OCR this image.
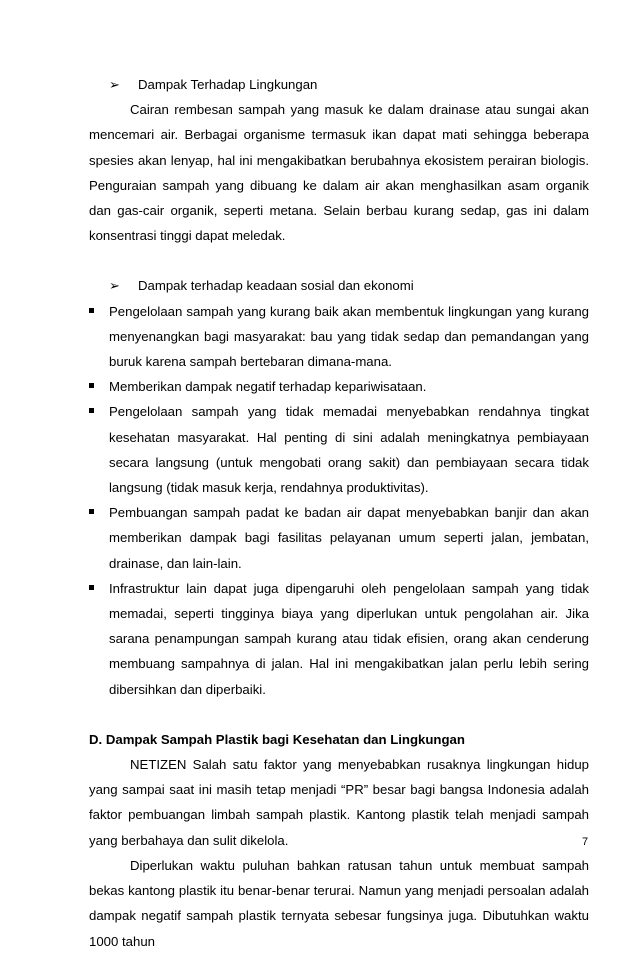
➢ Dampak Terhadap Lingkungan

Cairan rembesan sampah yang masuk ke dalam drainase atau sungai akan mencemari air. Berbagai organisme termasuk ikan dapat mati sehingga beberapa spesies akan lenyap, hal ini mengakibatkan berubahnya ekosistem perairan biologis. Penguraian sampah yang dibuang ke dalam air akan menghasilkan asam organik dan gas-cair organik, seperti metana. Selain berbau kurang sedap, gas ini dalam konsentrasi tinggi dapat meledak.

➢ Dampak terhadap keadaan sosial dan ekonomi
Pengelolaan sampah yang kurang baik akan membentuk lingkungan yang kurang menyenangkan bagi masyarakat: bau yang tidak sedap dan pemandangan yang buruk karena sampah bertebaran dimana-mana.
Memberikan dampak negatif terhadap kepariwisataan.
Pengelolaan sampah yang tidak memadai menyebabkan rendahnya tingkat kesehatan masyarakat. Hal penting di sini adalah meningkatnya pembiayaan secara langsung (untuk mengobati orang sakit) dan pembiayaan secara tidak langsung (tidak masuk kerja, rendahnya produktivitas).
Pembuangan sampah padat ke badan air dapat menyebabkan banjir dan akan memberikan dampak bagi fasilitas pelayanan umum seperti jalan, jembatan, drainase, dan lain-lain.
Infrastruktur lain dapat juga dipengaruhi oleh pengelolaan sampah yang tidak memadai, seperti tingginya biaya yang diperlukan untuk pengolahan air. Jika sarana penampungan sampah kurang atau tidak efisien, orang akan cenderung membuang sampahnya di jalan. Hal ini mengakibatkan jalan perlu lebih sering dibersihkan dan diperbaiki.
D. Dampak Sampah Plastik bagi Kesehatan dan Lingkungan

NETIZEN Salah satu faktor yang menyebabkan rusaknya lingkungan hidup yang sampai saat ini masih tetap menjadi “PR” besar bagi bangsa Indonesia adalah faktor pembuangan limbah sampah plastik. Kantong plastik telah menjadi sampah yang berbahaya dan sulit dikelola.

Diperlukan waktu puluhan bahkan ratusan tahun untuk membuat sampah bekas kantong plastik itu benar-benar terurai. Namun yang menjadi persoalan adalah dampak negatif sampah plastik ternyata sebesar fungsinya juga. Dibutuhkan waktu 1000 tahun

7
